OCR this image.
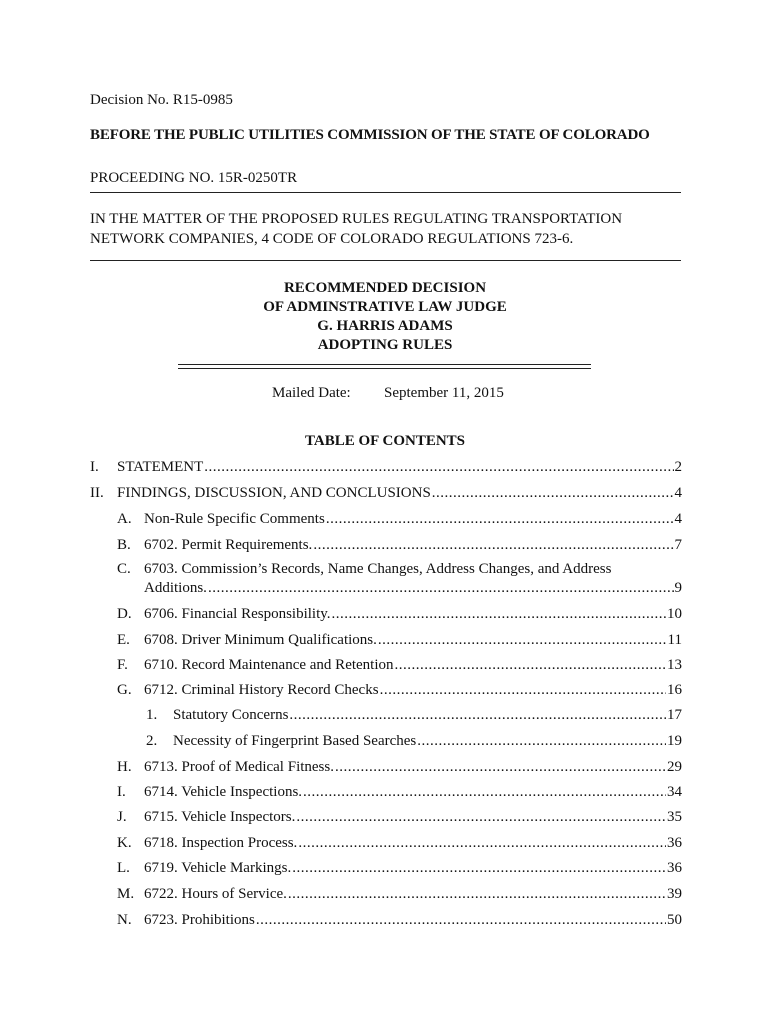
Decision No. R15-0985
BEFORE THE PUBLIC UTILITIES COMMISSION OF THE STATE OF COLORADO
PROCEEDING NO. 15R-0250TR
IN THE MATTER OF THE PROPOSED RULES REGULATING TRANSPORTATION
NETWORK COMPANIES, 4 CODE OF COLORADO REGULATIONS 723-6.
RECOMMENDED DECISION
OF ADMINSTRATIVE LAW JUDGE
G. HARRIS ADAMS
ADOPTING RULES
Mailed Date: September 11, 2015
TABLE OF CONTENTS
I.	STATEMENT .....	2
II. FINDINGS, DISCUSSION, AND CONCLUSIONS .....	4
A. Non-Rule Specific Comments .....	4
B. 6702. Permit Requirements. .....	7
C. 6703. Commission’s Records, Name Changes, Address Changes, and Address
Additions. .....	9
D. 6706. Financial Responsibility. .....	10
E. 6708. Driver Minimum Qualifications. .....	11
F.	6710. Record Maintenance and Retention .....	13
G. 6712. Criminal History Record Checks .....	16
1.	Statutory Concerns .....	17
2.	Necessity of Fingerprint Based Searches .....	19
H. 6713. Proof of Medical Fitness. .....	29
I.	6714. Vehicle Inspections. .....	34
J.	6715. Vehicle Inspectors. .....	35
K. 6718. Inspection Process. .....	36
L. 6719. Vehicle Markings. .....	36
M. 6722. Hours of Service. .....	39
N. 6723. Prohibitions .....	50
